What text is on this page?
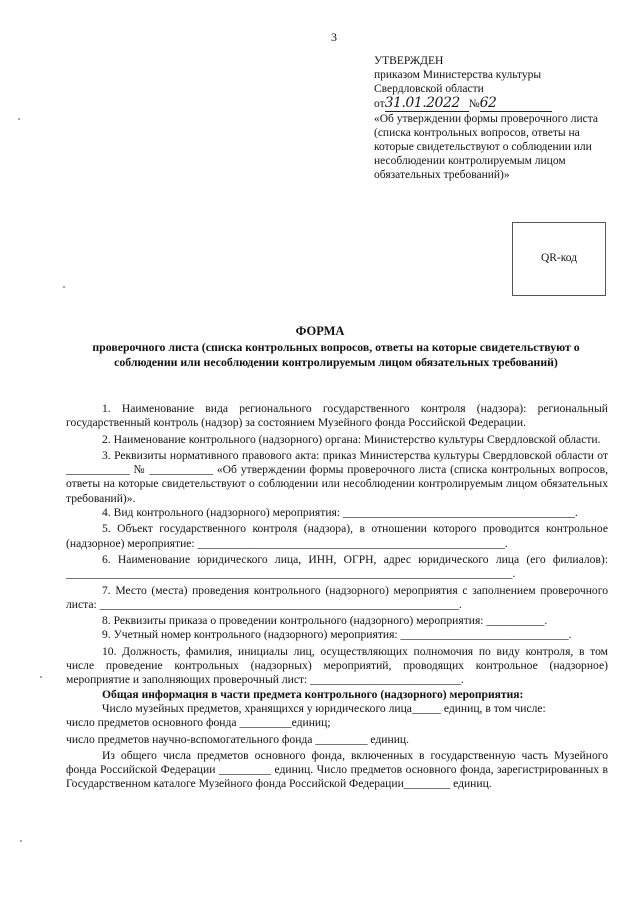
3
УТВЕРЖДЕН
приказом Министерства культуры
Свердловской области
от31.01.2022 №62
«Об утверждении формы проверочного листа (списка контрольных вопросов, ответы на которые свидетельствуют о соблюдении или несоблюдении контролируемым лицом обязательных требований)»
QR-код
ФОРМА
проверочного листа (списка контрольных вопросов, ответы на которые свидетельствуют о соблюдении или несоблюдении контролируемым лицом обязательных требований)

1. Наименование вида регионального государственного контроля (надзора): региональный государственный контроль (надзор) за состоянием Музейного фонда Российской Федерации.

2. Наименование контрольного (надзорного) органа: Министерство культуры Свердловской области.

3. Реквизиты нормативного правового акта: приказ Министерства культуры Свердловской области от ___________ № ___________ «Об утверждении формы проверочного листа (списка контрольных вопросов, ответы на которые свидетельствуют о соблюдении или несоблюдении контролируемым лицом обязательных требований)».

4. Вид контрольного (надзорного) мероприятия: ________________________________________.

5. Объект государственного контроля (надзора), в отношении которого проводится контрольное (надзорное) мероприятие: _____________________________________________________.

6. Наименование юридического лица, ИНН, ОГРН, адрес юридического лица (его филиалов): _____________________________________________________________________________.

7. Место (места) проведения контрольного (надзорного) мероприятия с заполнением проверочного листа: ______________________________________________________________.

8. Реквизиты приказа о проведении контрольного (надзорного) мероприятия: __________.

9. Учетный номер контрольного (надзорного) мероприятия: _____________________________.

10. Должность, фамилия, инициалы лиц, осуществляющих полномочия по виду контроля, в том числе проведение контрольных (надзорных) мероприятий, проводящих контрольное (надзорное) мероприятие и заполняющих проверочный лист: __________________________.

Общая информация в части предмета контрольного (надзорного) мероприятия:

Число музейных предметов, хранящихся у юридического лица_____ единиц, в том числе:

число предметов основного фонда _________единиц;

число предметов научно-вспомогательного фонда _________ единиц.

Из общего числа предметов основного фонда, включенных в государственную часть Музейного фонда Российской Федерации _________ единиц. Число предметов основного фонда, зарегистрированных в Государственном каталоге Музейного фонда Российской Федерации________ единиц.
